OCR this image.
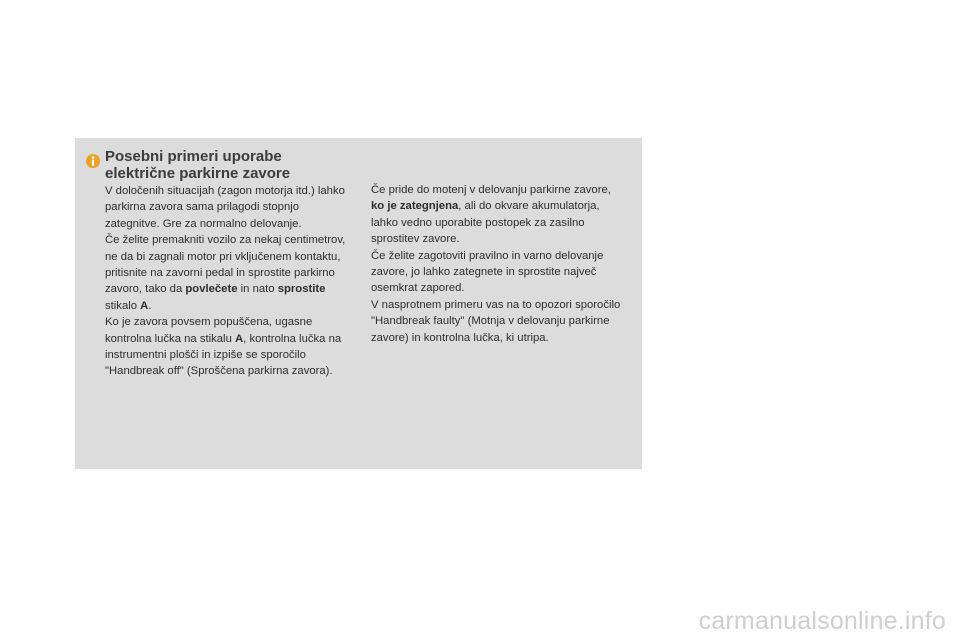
Posebni primeri uporabe
električne parkirne zavore

V določenih situacijah (zagon motorja itd.) lahko parkirna zavora sama prilagodi stopnjo zategnitve. Gre za normalno delovanje.

Če želite premakniti vozilo za nekaj centimetrov, ne da bi zagnali motor pri vključenem kontaktu, pritisnite na zavorni pedal in sprostite parkirno zavoro, tako da povlečete in nato sprostite stikalo A.

Ko je zavora povsem popuščena, ugasne kontrolna lučka na stikalu A, kontrolna lučka na instrumentni plošči in izpiše se sporočilo "Handbreak off" (Sproščena parkirna zavora).

Če pride do motenj v delovanju parkirne zavore, ko je zategnjena, ali do okvare akumulatorja, lahko vedno uporabite postopek za zasilno sprostitev zavore.

Če želite zagotoviti pravilno in varno delovanje zavore, jo lahko zategnete in sprostite največ osemkrat zapored.

V nasprotnem primeru vas na to opozori sporočilo "Handbreak faulty" (Motnja v delovanju parkirne zavore) in kontrolna lučka, ki utripa.

carmanualsonline.info
